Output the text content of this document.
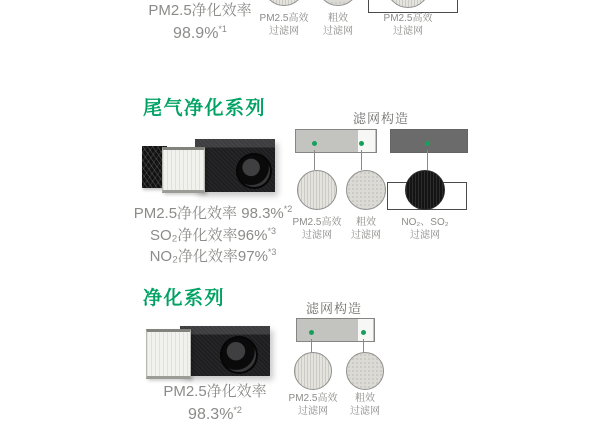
PM2.5净化效率
98.9%$^{*1}$
PM2.5高效
过滤网
粗效
过滤网
PM2.5高效
过滤网
尾气净化系列	滤网构造
PM2.5高效
过滤网
粗效
过滤网
NO₂、SO₂
过滤网
PM2.5净化效率 98.3%$^{*2}$
SO₂净化效率96%$^{*3}$
NO₂净化效率97%$^{*3}$
净化系列	滤网构造
PM2.5高效
过滤网
粗效
过滤网
PM2.5净化效率
98.3%$^{*2}$
